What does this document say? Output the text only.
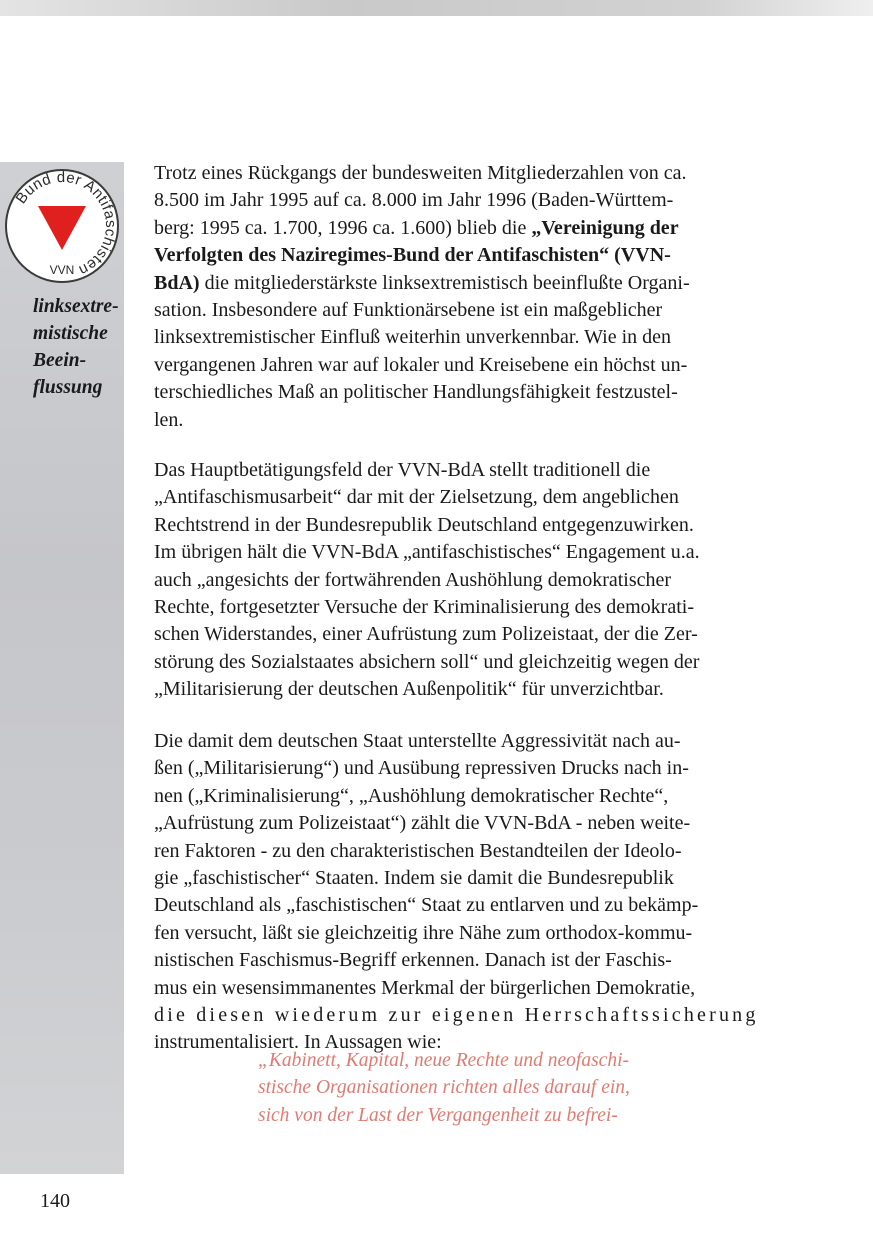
Bund der Antifaschisten
VVN
linksextre-
mistische
Beein-
flussung
Trotz eines Rückgangs der bundesweiten Mitgliederzahlen von ca.
8.500 im Jahr 1995 auf ca. 8.000 im Jahr 1996 (Baden-Württem-
berg: 1995 ca. 1.700, 1996 ca. 1.600) blieb die „Vereinigung der
Verfolgten des Naziregimes-Bund der Antifaschisten“ (VVN-
BdA) die mitgliederstärkste linksextremistisch beeinflußte Organi-
sation. Insbesondere auf Funktionärsebene ist ein maßgeblicher
linksextremistischer Einfluß weiterhin unverkennbar. Wie in den
vergangenen Jahren war auf lokaler und Kreisebene ein höchst un-
terschiedliches Maß an politischer Handlungsfähigkeit festzustel-
len.
Das Hauptbetätigungsfeld der VVN-BdA stellt traditionell die
„Antifaschismusarbeit“ dar mit der Zielsetzung, dem angeblichen
Rechtstrend in der Bundesrepublik Deutschland entgegenzuwirken.
Im übrigen hält die VVN-BdA „antifaschistisches“ Engagement u.a.
auch „angesichts der fortwährenden Aushöhlung demokratischer
Rechte, fortgesetzter Versuche der Kriminalisierung des demokrati-
schen Widerstandes, einer Aufrüstung zum Polizeistaat, der die Zer-
störung des Sozialstaates absichern soll“ und gleichzeitig wegen der
„Militarisierung der deutschen Außenpolitik“ für unverzichtbar.
Die damit dem deutschen Staat unterstellte Aggressivität nach au-
ßen („Militarisierung“) und Ausübung repressiven Drucks nach in-
nen („Kriminalisierung“, „Aushöhlung demokratischer Rechte“,
„Aufrüstung zum Polizeistaat“) zählt die VVN-BdA - neben weite-
ren Faktoren - zu den charakteristischen Bestandteilen der Ideolo-
gie „faschistischer“ Staaten. Indem sie damit die Bundesrepublik
Deutschland als „faschistischen“ Staat zu entlarven und zu bekämp-
fen versucht, läßt sie gleichzeitig ihre Nähe zum orthodox-kommu-
nistischen Faschismus-Begriff erkennen. Danach ist der Faschis-
mus ein wesensimmanentes Merkmal der bürgerlichen Demokratie,
die diesen wiederum zur eigenen Herrschaftssicherung
instrumentalisiert. In Aussagen wie:
„Kabinett, Kapital, neue Rechte und neofaschi-
stische Organisationen richten alles darauf ein,
sich von der Last der Vergangenheit zu befrei-
140
